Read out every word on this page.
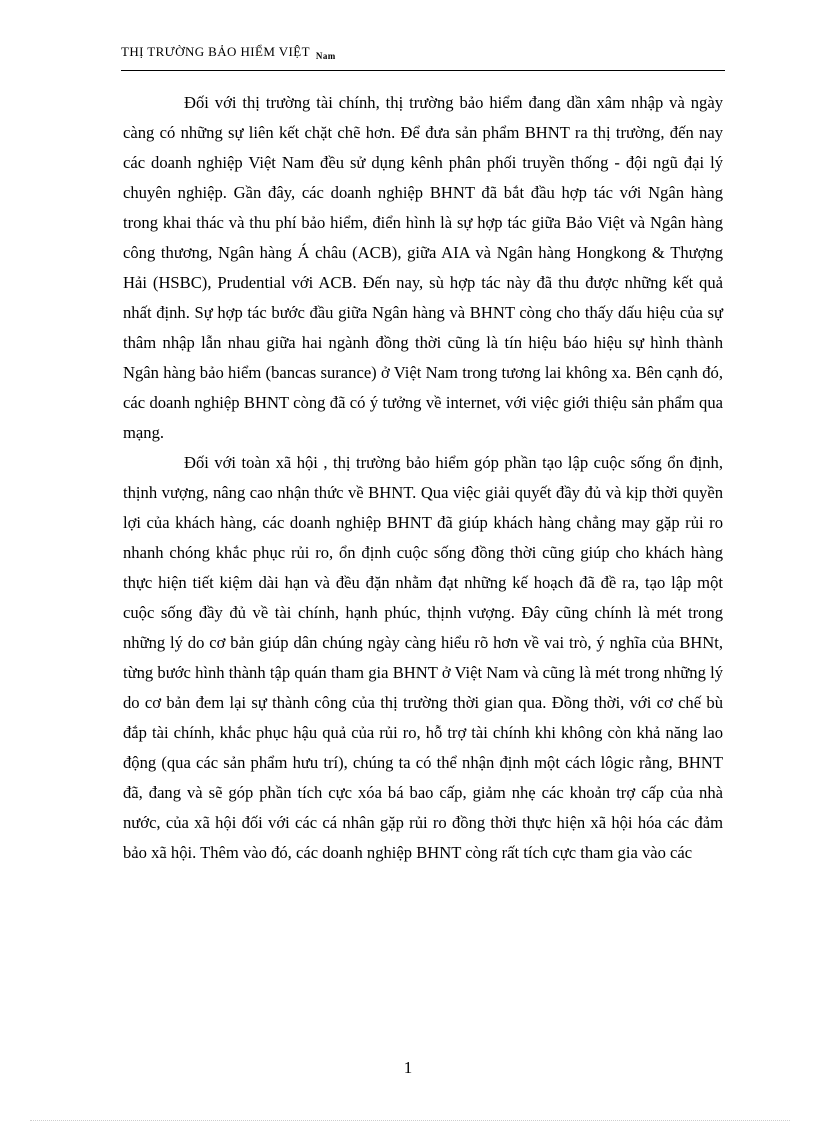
THỊ TRƯỜNG BẢO HIỂM VIỆT $_{Nam}$

Đối với thị trường tài chính, thị trường bảo hiểm đang dần xâm nhập và ngày càng có những sự liên kết chặt chẽ hơn. Để đưa sản phẩm BHNT ra thị trường, đến nay các doanh nghiệp Việt Nam đều sử dụng kênh phân phối truyền thống - đội ngũ đại lý chuyên nghiệp. Gần đây, các doanh nghiệp BHNT đã bắt đầu hợp tác với Ngân hàng trong khai thác và thu phí bảo hiểm, điển hình là sự hợp tác giữa Bảo Việt và Ngân hàng công thương, Ngân hàng Á châu (ACB), giữa AIA và Ngân hàng Hongkong & Thượng Hải (HSBC), Prudential với ACB. Đến nay, sù hợp tác này đã thu được những kết quả nhất định. Sự hợp tác bước đầu giữa Ngân hàng và BHNT còng cho thấy dấu hiệu của sự thâm nhập lẫn nhau giữa hai ngành đồng thời cũng là tín hiệu báo hiệu sự hình thành Ngân hàng bảo hiểm (bancas surance) ở Việt Nam trong tương lai không xa. Bên cạnh đó, các doanh nghiệp BHNT còng đã có ý tưởng về internet, với việc giới thiệu sản phẩm qua mạng.

Đối với toàn xã hội , thị trường bảo hiểm góp phần tạo lập cuộc sống ổn định, thịnh vượng, nâng cao nhận thức về BHNT. Qua việc giải quyết đầy đủ và kịp thời quyền lợi của khách hàng, các doanh nghiệp BHNT đã giúp khách hàng chẳng may gặp rủi ro nhanh chóng khắc phục rủi ro, ổn định cuộc sống đồng thời cũng giúp cho khách hàng thực hiện tiết kiệm dài hạn và đều đặn nhằm đạt những kế hoạch đã đề ra, tạo lập một cuộc sống đầy đủ về tài chính, hạnh phúc, thịnh vượng. Đây cũng chính là mét trong những lý do cơ bản giúp dân chúng ngày càng hiểu rõ hơn về vai trò, ý nghĩa của BHNt, từng bước hình thành tập quán tham gia BHNT ở Việt Nam và cũng là mét trong những lý do cơ bản đem lại sự thành công của thị trường thời gian qua. Đồng thời, với cơ chế bù đắp tài chính, khắc phục hậu quả của rủi ro, hỗ trợ tài chính khi không còn khả năng lao động (qua các sản phẩm hưu trí), chúng ta có thể nhận định một cách lôgic rằng, BHNT đã, đang và sẽ góp phần tích cực xóa bá bao cấp, giảm nhẹ các khoản trợ cấp của nhà nước, của xã hội đối với các cá nhân gặp rủi ro đồng thời thực hiện xã hội hóa các đảm bảo xã hội. Thêm vào đó, các doanh nghiệp BHNT còng rất tích cực tham gia vào các

1
